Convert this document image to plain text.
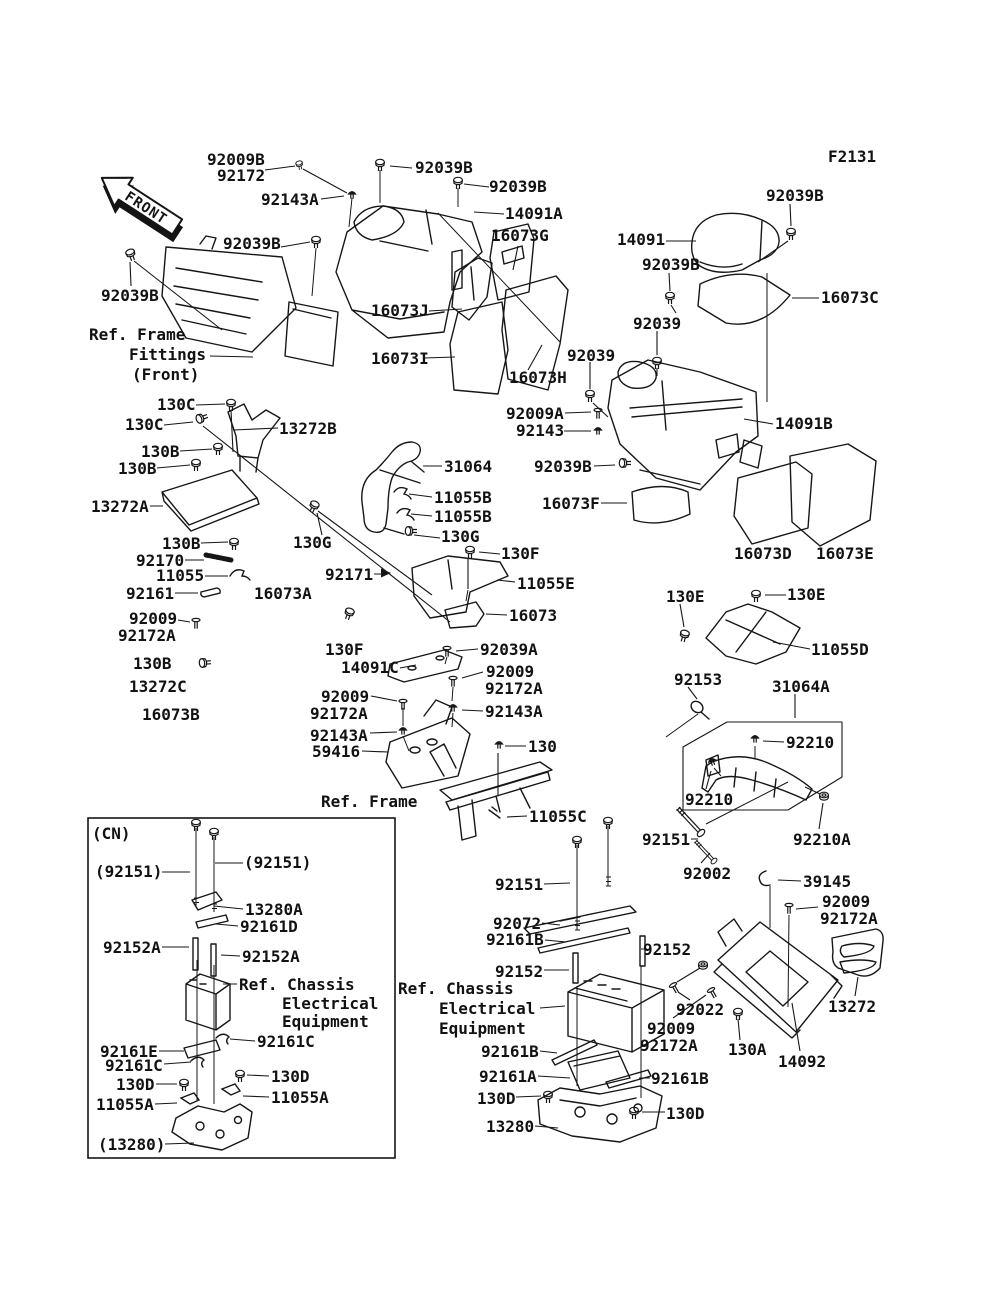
FRONT
F2131
92009B
92172
92143A
92039B
92039B
14091A
16073G	14091
92039B
92039B
16073C
92039B
92039B
16073J
16073I
16073H
92039
92039
Ref. Frame
Fittings
(Front)
92009A
92143	14091B
130C
130C	13272B
130B
130B	31064	92039B
11055B
11055B
16073F
13272A
130G	130G
16073D 16073E
130B
92170
11055
130F
92171	11055E
92161	16073A
16073
92009
92172A
130E	130E
11055D
130B
130F	92039A
14091C	92009	92153	31064A
92172A
13272C
92143A
92009
92172A
16073B
92210
92143A
59416	130
92210
Ref. Frame
11055C
92151	92210A
92002	39145
92151
92009
92172A
92072
92161B
92152
92152
Ref. Chassis
Electrical
Equipment
13272
92022
92009
92172A 130A
14092
92161B
92161A	92161B
130D
130D
13280
(CN)
(92151)
(92151)
13280A
92161D
92152A	92152A
Ref. Chassis
Electrical
Equipment
92161C
92161E
92161C
130D
130D
11055A
11055A
(13280)
